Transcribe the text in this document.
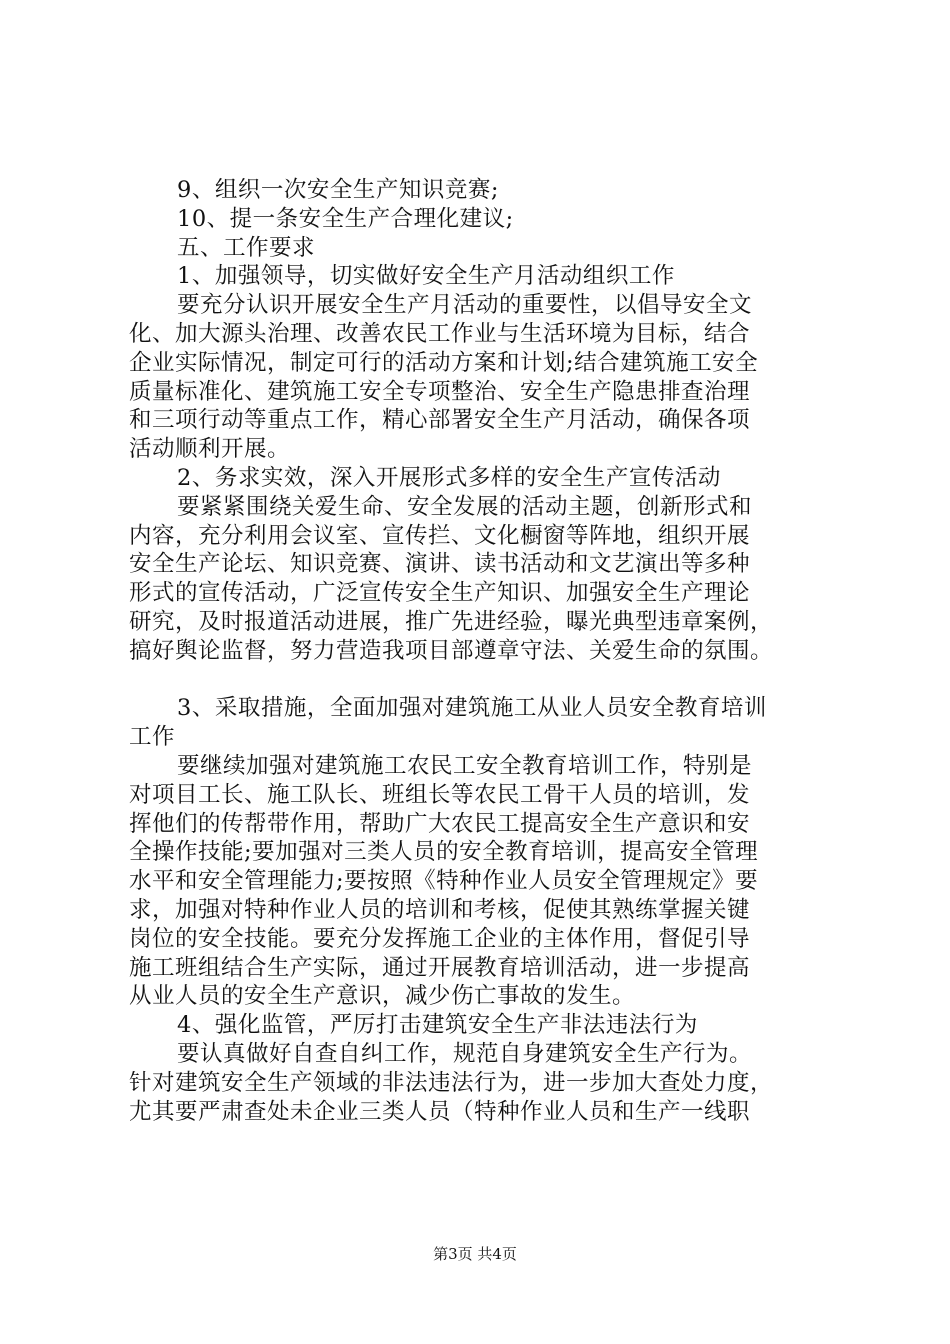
9、组织一次安全生产知识竞赛;

10、提一条安全生产合理化建议;

五、工作要求

1、加强领导，切实做好安全生产月活动组织工作

要充分认识开展安全生产月活动的重要性，以倡导安全文

化、加大源头治理、改善农民工作业与生活环境为目标，结合

企业实际情况，制定可行的活动方案和计划;结合建筑施工安全

质量标准化、建筑施工安全专项整治、安全生产隐患排查治理

和三项行动等重点工作，精心部署安全生产月活动，确保各项

活动顺利开展。

2、务求实效，深入开展形式多样的安全生产宣传活动

要紧紧围绕关爱生命、安全发展的活动主题，创新形式和

内容，充分利用会议室、宣传拦、文化橱窗等阵地，组织开展

安全生产论坛、知识竞赛、演讲、读书活动和文艺演出等多种

形式的宣传活动，广泛宣传安全生产知识、加强安全生产理论

研究，及时报道活动进展，推广先进经验，曝光典型违章案例，

搞好舆论监督，努力营造我项目部遵章守法、关爱生命的氛围。

3、采取措施，全面加强对建筑施工从业人员安全教育培训

工作

要继续加强对建筑施工农民工安全教育培训工作，特别是

对项目工长、施工队长、班组长等农民工骨干人员的培训，发

挥他们的传帮带作用，帮助广大农民工提高安全生产意识和安

全操作技能;要加强对三类人员的安全教育培训，提高安全管理

水平和安全管理能力;要按照《特种作业人员安全管理规定》要

求，加强对特种作业人员的培训和考核，促使其熟练掌握关键

岗位的安全技能。要充分发挥施工企业的主体作用，督促引导

施工班组结合生产实际，通过开展教育培训活动，进一步提高

从业人员的安全生产意识，减少伤亡事故的发生。

4、强化监管，严厉打击建筑安全生产非法违法行为

要认真做好自查自纠工作，规范自身建筑安全生产行为。

针对建筑安全生产领域的非法违法行为，进一步加大查处力度，

尤其要严肃查处未企业三类人员（特种作业人员和生产一线职

第3页 共4页
